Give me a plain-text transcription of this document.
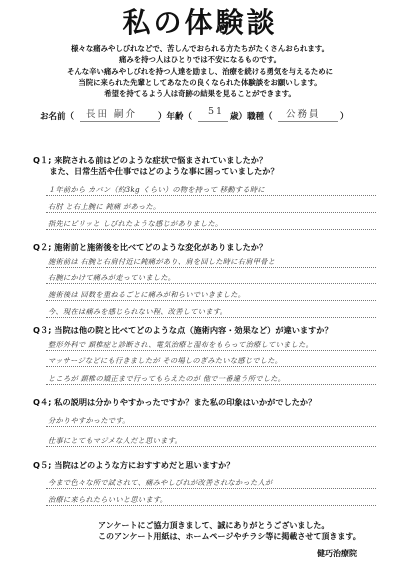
私の体験談
様々な痛みやしびれなどで、苦しんでおられる方たちがたくさんおられます。
痛みを持つ人はひとりでは不安になるものです。
そんな辛い痛みやしびれを持つ人達を励まし、治療を続ける勇気を与えるために
当院に来られた先輩としてあなたの良くなられた体験談をお願いします。
希望を持てるよう人は奇跡の結果を見ることができます。
お名前（ 長田 嗣介 ）年齢（ 51 歳）職種（ 公務員 ）
Q１; 来院される前はどのような症状で悩まされていましたか？
　　また、日常生活や仕事ではどのような事に困っていましたか？
１年前から カバン（約3kg くらい）の物を持って 移動する時に
右肘 と右上腕に 鈍痛 があった。
指先にピリッと しびれたような感じがありました。
Q２; 施術前と施術後を比べてどのような変化がありましたか？
施術前は 右腕と右肩付近に鈍痛があり、肩を回した時に右肩甲骨と
右腕にかけて痛みが走っていました。
施術後は 回数を重ねるごとに痛みが和らいでいきました。
今、現在は痛みを感じられない程、改善しています。
Q３; 当院は他の院と比べてどのような点（施術内容・効果など）が違いますか？
整形外科で 頚椎症と診断され、電気治療と湿布をもらって治療していました。
マッサージなどにも行きましたが その場しのぎみたいな感じでした。
ところが 頚椎の矯正まで行ってもらえたのが 他で一番違う所でした。
Q４; 私の説明は分かりやすかったですか？また私の印象はいかがでしたか？
分かりやすかったです。
仕事にとてもマジメな人だと思います。
Q５; 当院はどのような方におすすめだと思いますか？
今まで色々な所で試されて、痛みやしびれが改善されなかった人が
治療に来られたらいいと思います。
アンケートにご協力頂きまして、誠にありがとうございました。
このアンケート用紙は、ホームページやチラシ等に掲載させて頂きます。
健巧治療院
